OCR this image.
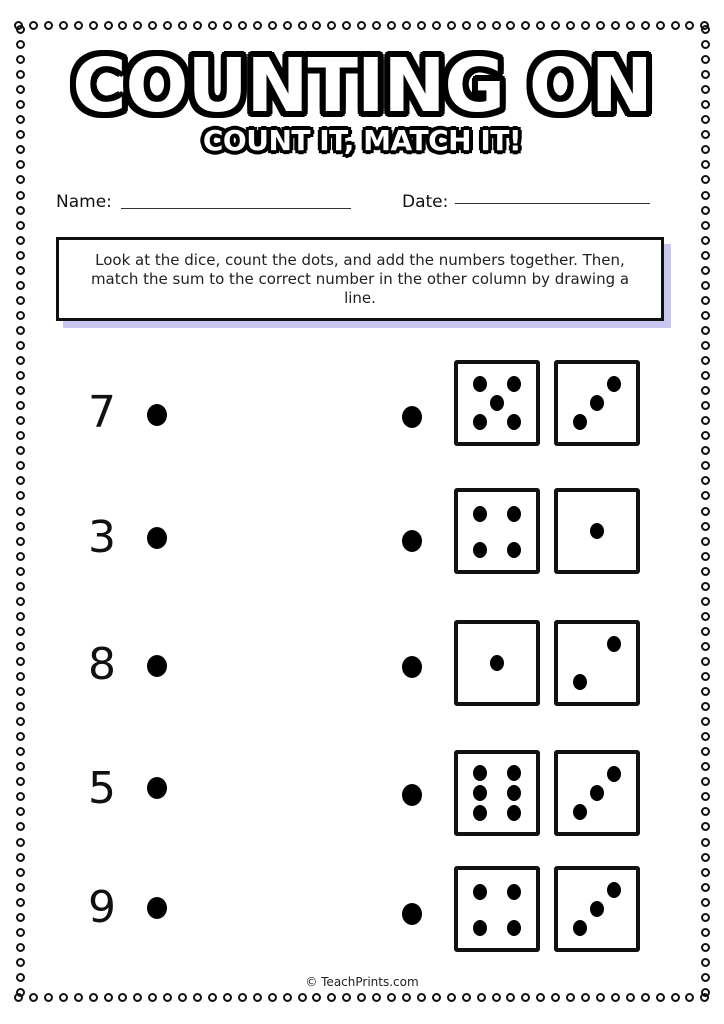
COUNTING ON
COUNT IT, MATCH IT!
Name:	Date:
Look at the dice, count the dots, and add the numbers together. Then, match the sum to the correct number in the other column by drawing a line.
7
3
8
5
9
© TeachPrints.com
